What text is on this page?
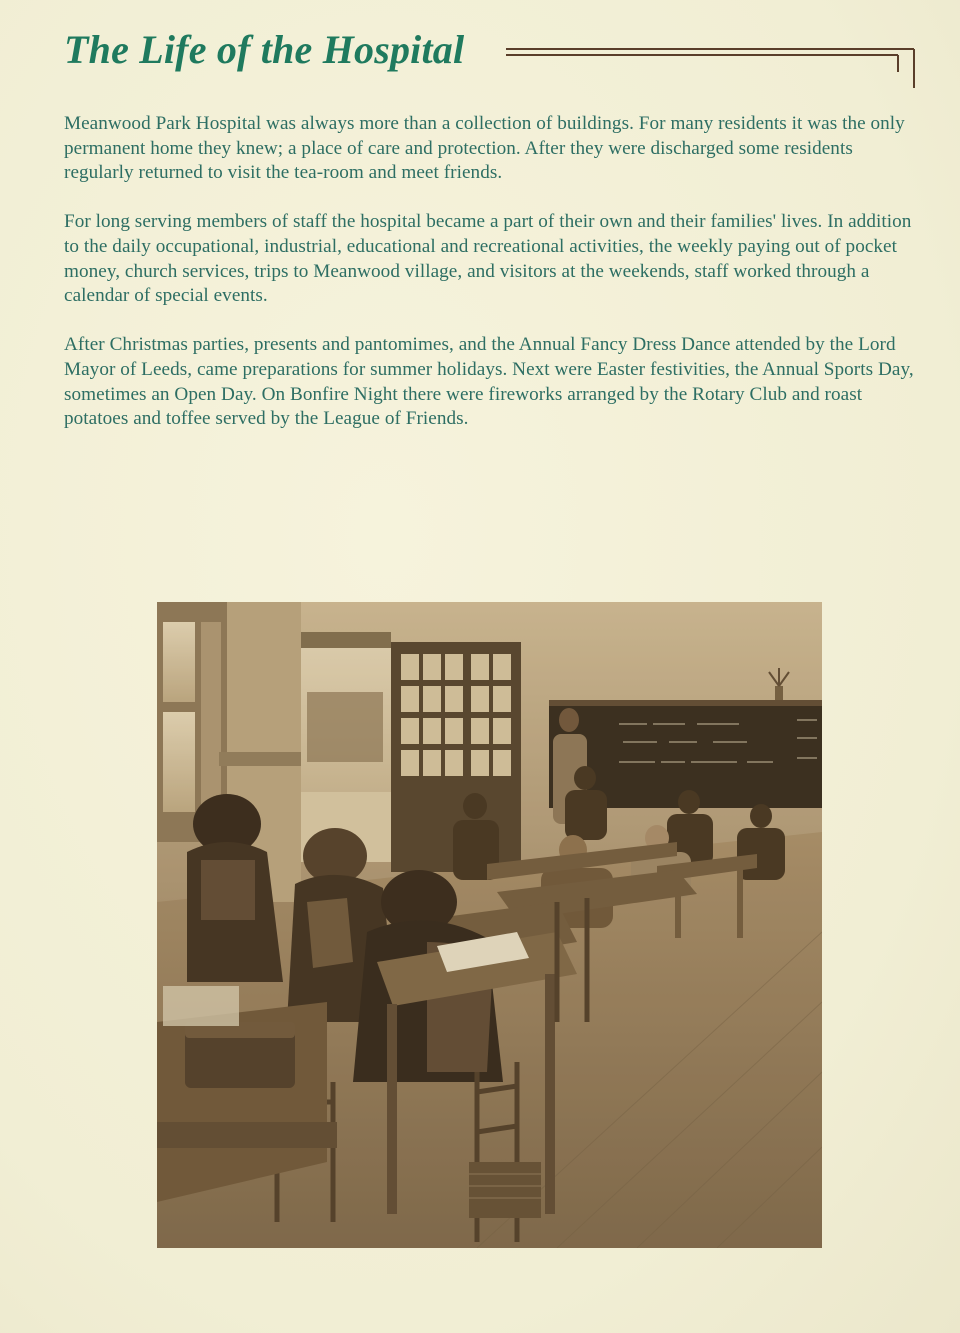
The Life of the Hospital

Meanwood Park Hospital was always more than a collection of buildings. For many residents it was the only permanent home they knew; a place of care and protection. After they were discharged some residents regularly returned to visit the tea-room and meet friends.

For long serving members of staff the hospital became a part of their own and their families' lives. In addition to the daily occupational, industrial, educational and recreational activities, the weekly paying out of pocket money, church services, trips to Meanwood village, and visitors at the weekends, staff worked through a calendar of special events.

After Christmas parties, presents and pantomimes, and the Annual Fancy Dress Dance attended by the Lord Mayor of Leeds, came preparations for summer holidays. Next were Easter festivities, the Annual Sports Day, sometimes an Open Day. On Bonfire Night there were fireworks arranged by the Rotary Club and roast potatoes and toffee served by the League of Friends.
